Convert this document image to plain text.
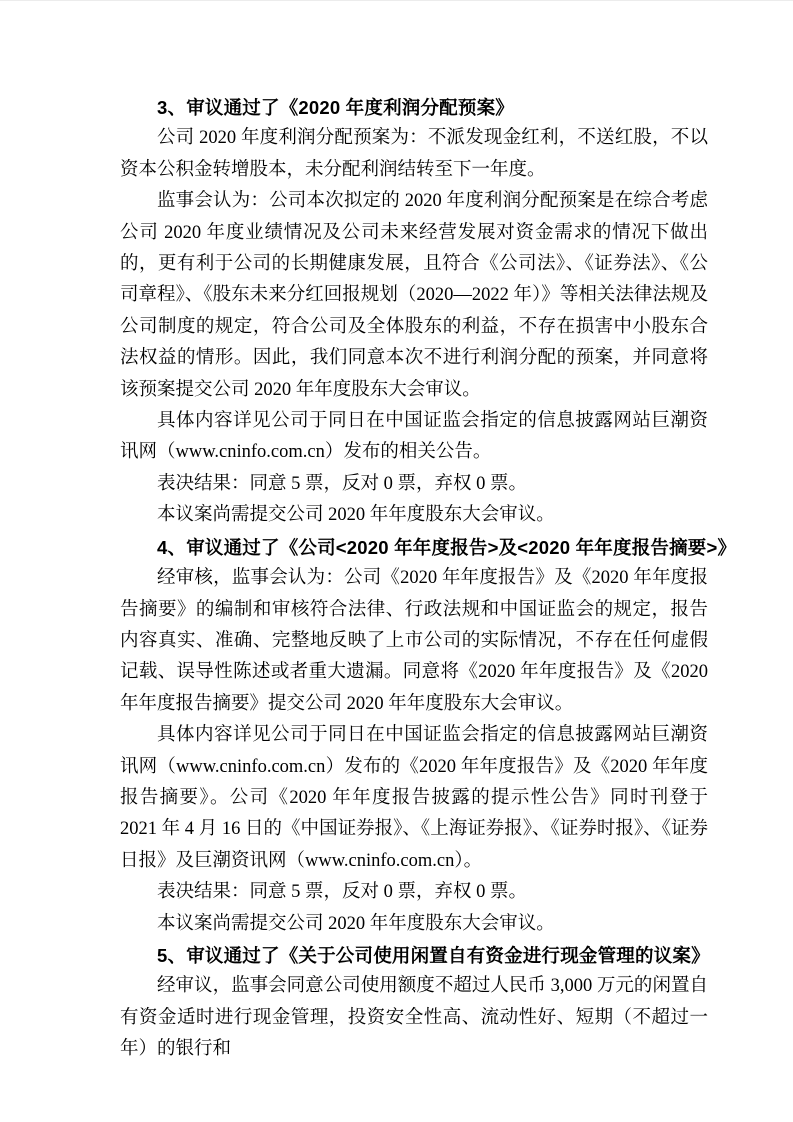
3、审议通过了《2020 年度利润分配预案》
公司 2020 年度利润分配预案为：不派发现金红利，不送红股，不以资本公积金转增股本，未分配利润结转至下一年度。
监事会认为：公司本次拟定的 2020 年度利润分配预案是在综合考虑公司 2020 年度业绩情况及公司未来经营发展对资金需求的情况下做出的，更有利于公司的长期健康发展，且符合《公司法》、《证券法》、《公司章程》、《股东未来分红回报规划（2020—2022 年）》等相关法律法规及公司制度的规定，符合公司及全体股东的利益，不存在损害中小股东合法权益的情形。因此，我们同意本次不进行利润分配的预案，并同意将该预案提交公司 2020 年年度股东大会审议。
具体内容详见公司于同日在中国证监会指定的信息披露网站巨潮资讯网（www.cninfo.com.cn）发布的相关公告。
表决结果：同意 5 票，反对 0 票，弃权 0 票。
本议案尚需提交公司 2020 年年度股东大会审议。
4、审议通过了《公司<2020 年年度报告>及<2020 年年度报告摘要>》
经审核，监事会认为：公司《2020 年年度报告》及《2020 年年度报告摘要》的编制和审核符合法律、行政法规和中国证监会的规定，报告内容真实、准确、完整地反映了上市公司的实际情况，不存在任何虚假记载、误导性陈述或者重大遗漏。同意将《2020 年年度报告》及《2020 年年度报告摘要》提交公司 2020 年年度股东大会审议。
具体内容详见公司于同日在中国证监会指定的信息披露网站巨潮资讯网（www.cninfo.com.cn）发布的《2020 年年度报告》及《2020 年年度报告摘要》。公司《2020 年年度报告披露的提示性公告》同时刊登于 2021 年 4 月 16 日的《中国证券报》、《上海证券报》、《证券时报》、《证券日报》及巨潮资讯网（www.cninfo.com.cn）。
表决结果：同意 5 票，反对 0 票，弃权 0 票。
本议案尚需提交公司 2020 年年度股东大会审议。
5、审议通过了《关于公司使用闲置自有资金进行现金管理的议案》
经审议，监事会同意公司使用额度不超过人民币 3,000 万元的闲置自有资金适时进行现金管理，投资安全性高、流动性好、短期（不超过一年）的银行和
